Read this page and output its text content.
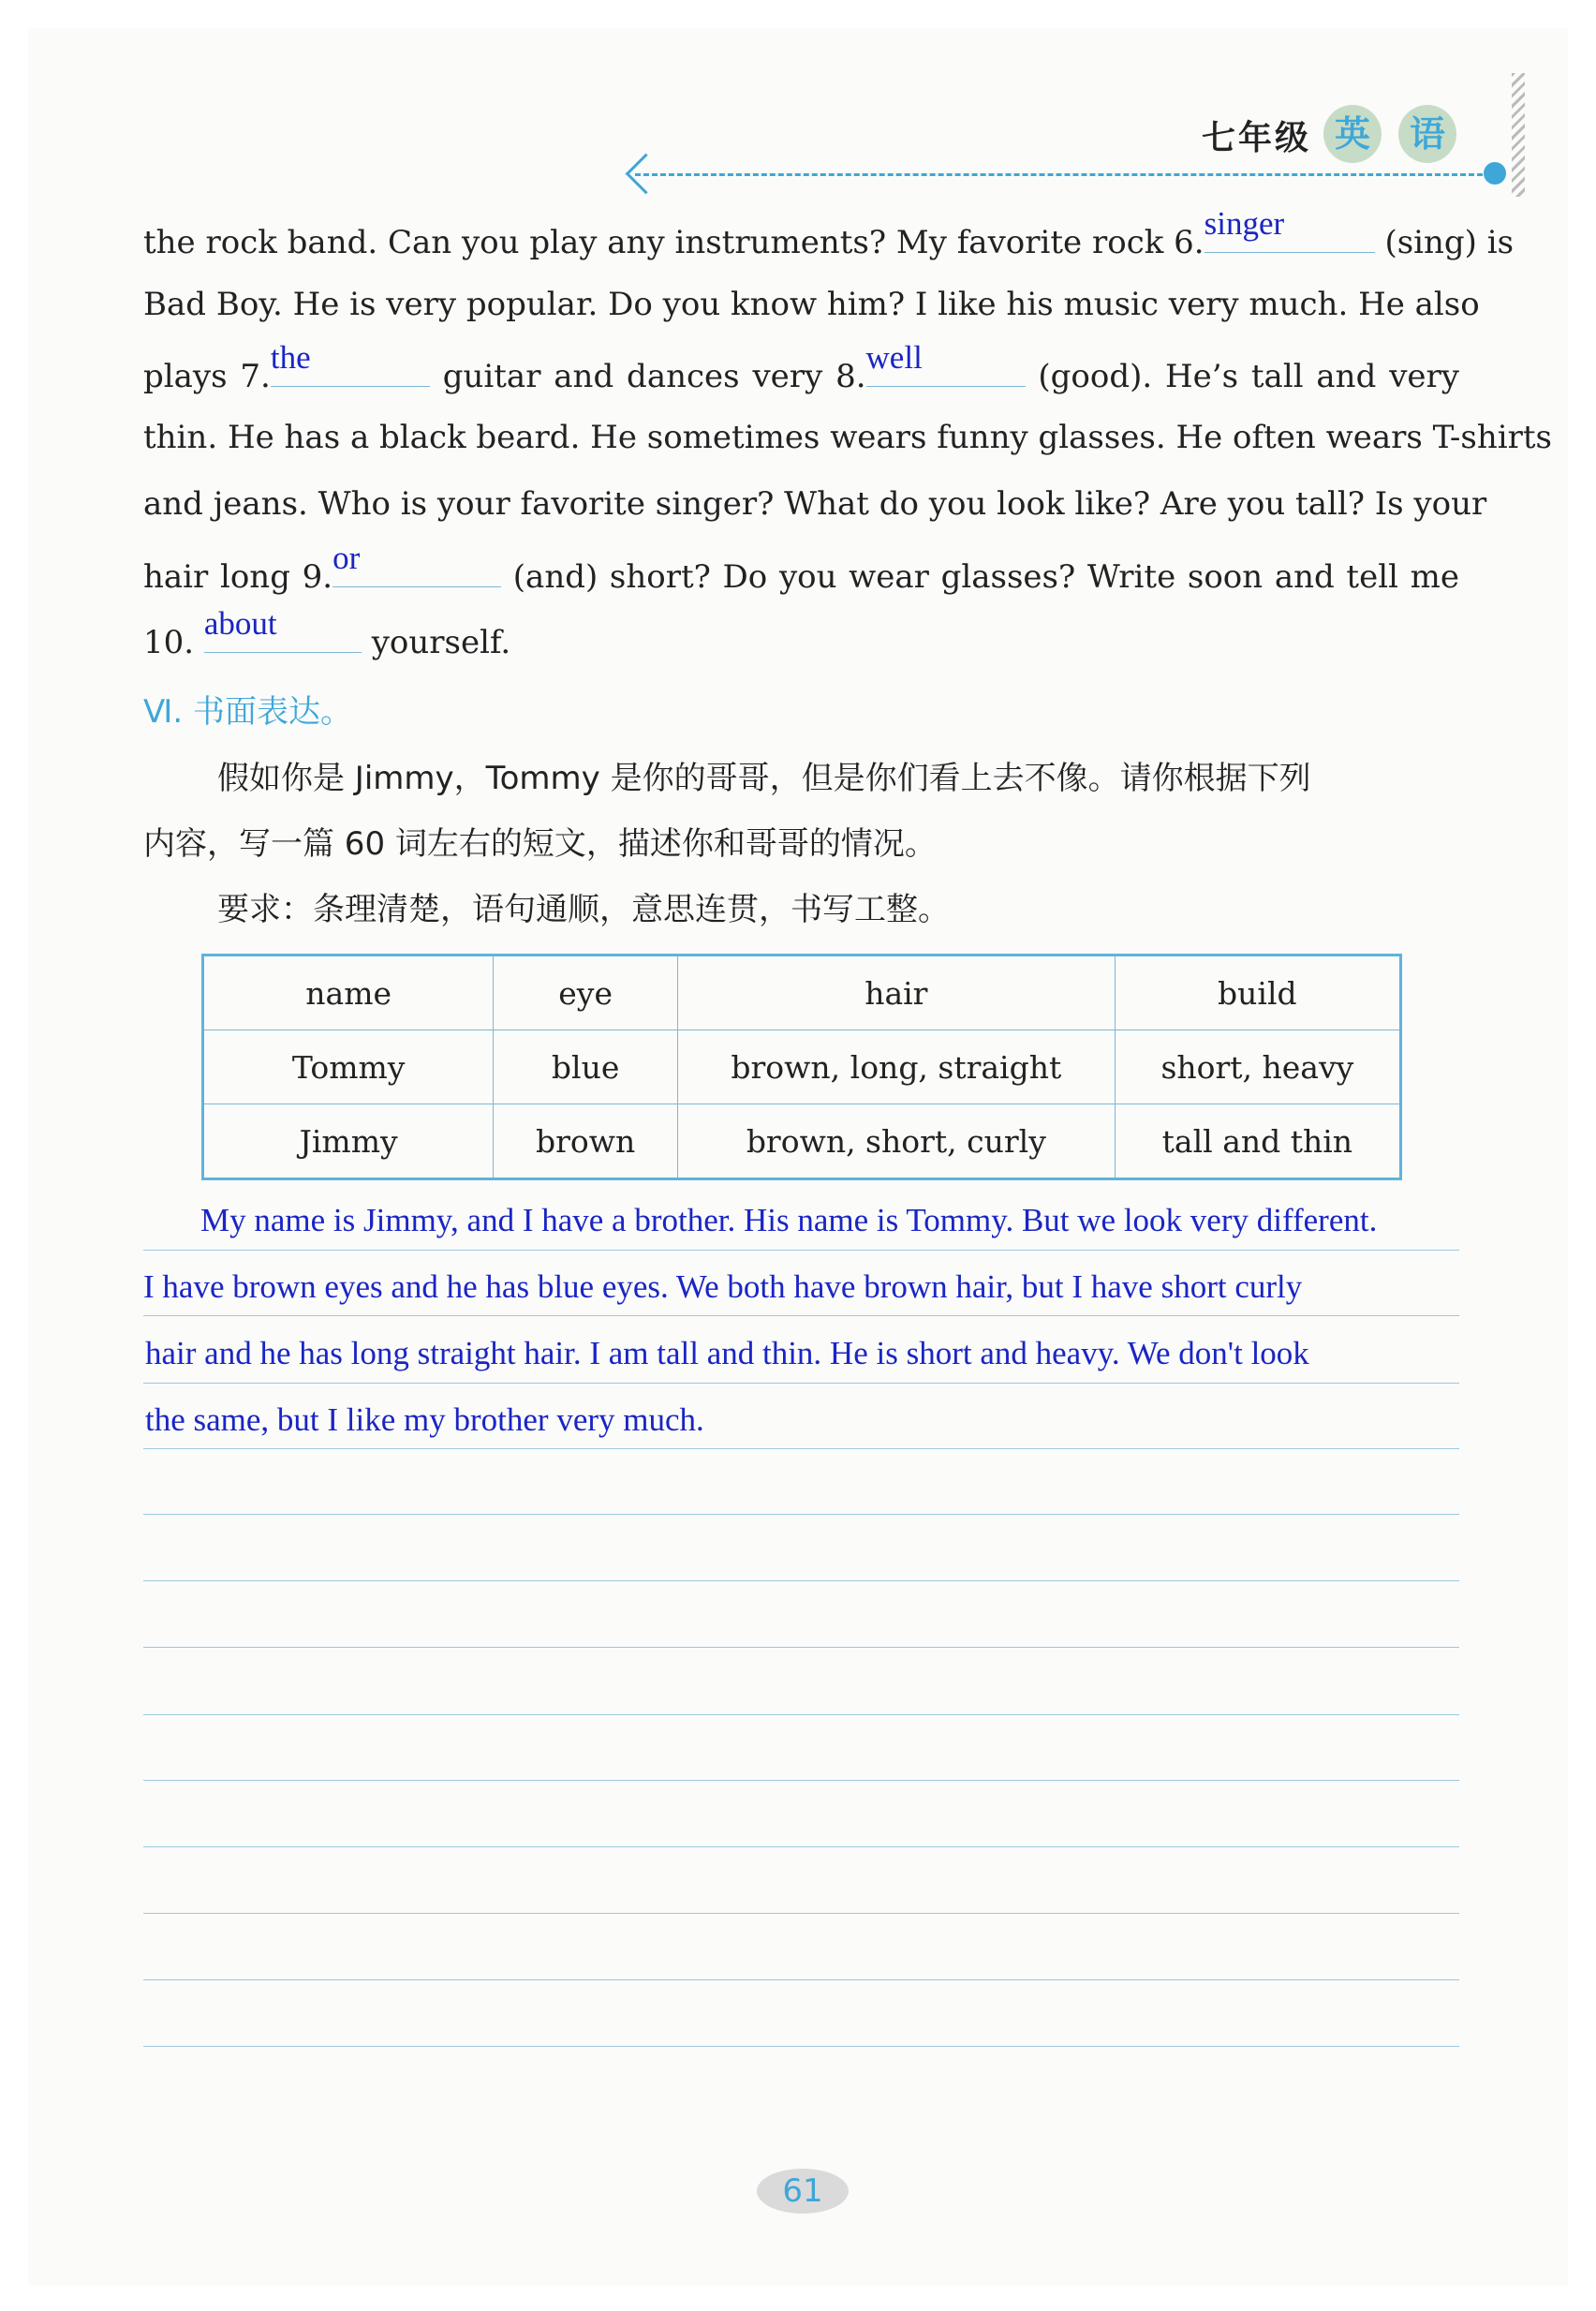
七年级 英	语
the rock band. Can you play any instruments? My favorite rock 6.
singer
(sing) is
Bad Boy. He is very popular. Do you know him? I like his music very much. He also
plays 7.
the
guitar and dances very 8.
well
(good). He’s tall and very
thin. He has a black beard. He sometimes wears funny glasses. He often wears T-shirts
and jeans. Who is your favorite singer? What do you look like? Are you tall? Is your
hair long 9.
or
(and) short? Do you wear glasses? Write soon and tell me
10.
about
yourself.
Ⅵ. 书面表达。
假如你是 Jimmy，Tommy 是你的哥哥，但是你们看上去不像。请你根据下列
内容，写一篇 60 词左右的短文，描述你和哥哥的情况。
要求：条理清楚，语句通顺，意思连贯，书写工整。
name	eye	hair	build
Tommy	blue	brown, long, straight	short, heavy
Jimmy	brown	brown, short, curly	tall and thin
My name is Jimmy, and I have a brother. His name is Tommy. But we look very different.
I have brown eyes and he has blue eyes. We both have brown hair, but I have short curly
hair and he has long straight hair. I am tall and thin. He is short and heavy. We don't look
the same, but I like my brother very much.
61
